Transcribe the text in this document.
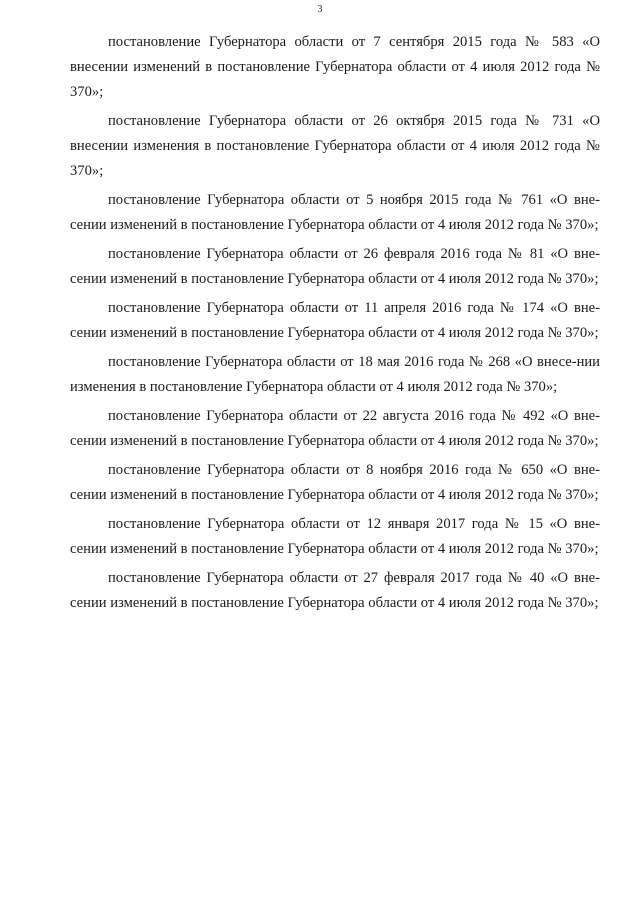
3

постановление Губернатора области от 7 сентября 2015 года № 583 «О внесении изменений в постановление Губернатора области от 4 июля 2012 года № 370»;

постановление Губернатора области от 26 октября 2015 года № 731 «О внесении изменения в постановление Губернатора области от 4 июля 2012 года № 370»;

постановление Губернатора области от 5 ноября 2015 года № 761 «О вне-сении изменений в постановление Губернатора области от 4 июля 2012 года № 370»;

постановление Губернатора области от 26 февраля 2016 года № 81 «О вне-сении изменений в постановление Губернатора области от 4 июля 2012 года № 370»;

постановление Губернатора области от 11 апреля 2016 года № 174 «О вне-сении изменений в постановление Губернатора области от 4 июля 2012 года № 370»;

постановление Губернатора области от 18 мая 2016 года № 268 «О внесе-нии изменения в постановление Губернатора области от 4 июля 2012 года № 370»;

постановление Губернатора области от 22 августа 2016 года № 492 «О вне-сении изменений в постановление Губернатора области от 4 июля 2012 года № 370»;

постановление Губернатора области от 8 ноября 2016 года № 650 «О вне-сении изменений в постановление Губернатора области от 4 июля 2012 года № 370»;

постановление Губернатора области от 12 января 2017 года № 15 «О вне-сении изменений в постановление Губернатора области от 4 июля 2012 года № 370»;

постановление Губернатора области от 27 февраля 2017 года № 40 «О вне-сении изменений в постановление Губернатора области от 4 июля 2012 года № 370»;
